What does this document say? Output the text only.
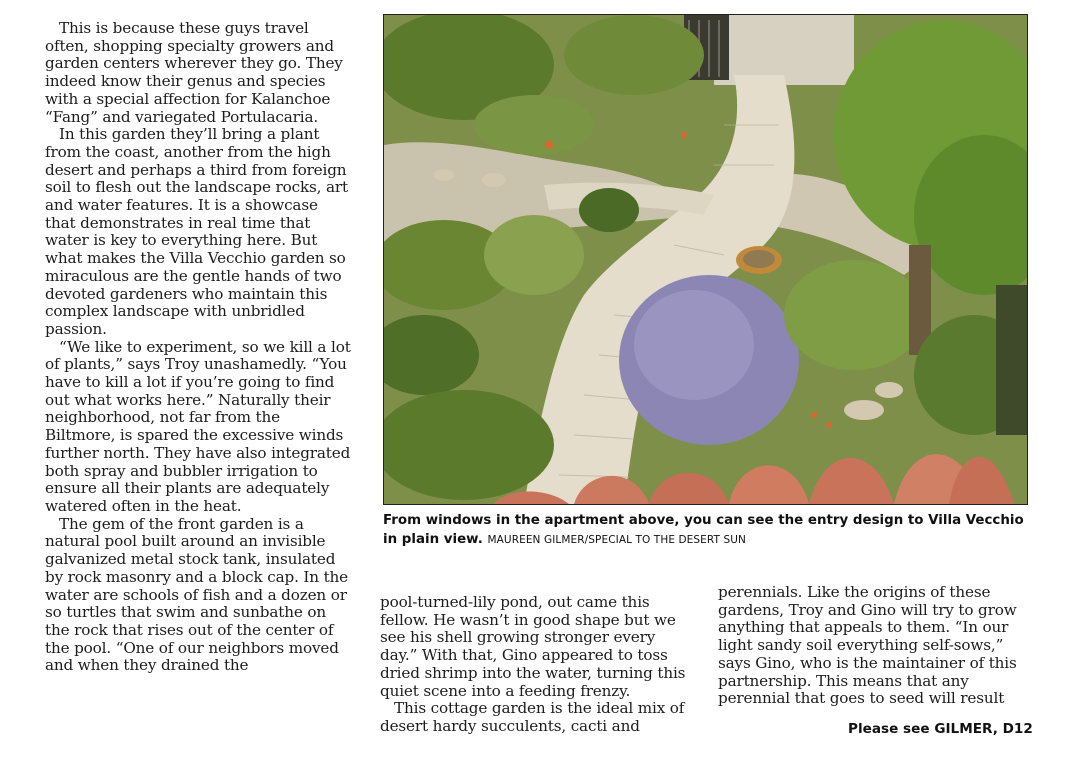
This is because these guys travel often, shopping specialty growers and garden centers wherever they go. They indeed know their genus and species with a special affection for Kalanchoe “Fang” and variegated Portulacaria.

In this garden they’ll bring a plant from the coast, another from the high desert and perhaps a third from foreign soil to flesh out the landscape rocks, art and water features. It is a showcase that demonstrates in real time that water is key to everything here. But what makes the Villa Vecchio garden so miraculous are the gentle hands of two devoted gardeners who maintain this complex landscape with unbridled passion.

“We like to experiment, so we kill a lot of plants,” says Troy unashamedly. “You have to kill a lot if you’re going to find out what works here.” Naturally their neighborhood, not far from the Biltmore, is spared the excessive winds further north. They have also integrated both spray and bubbler irrigation to ensure all their plants are adequately watered often in the heat.

The gem of the front garden is a natural pool built around an invisible galvanized metal stock tank, insulated by rock masonry and a block cap. In the water are schools of fish and a dozen or so turtles that swim and sunbathe on the rock that rises out of the center of the pool. “One of our neighbors moved and when they drained the

From windows in the apartment above, you can see the entry design to Villa Vecchio in plain view. MAUREEN GILMER/SPECIAL TO THE DESERT SUN

pool-turned-lily pond, out came this fellow. He wasn’t in good shape but we see his shell growing stronger every day.” With that, Gino appeared to toss dried shrimp into the water, turning this quiet scene into a feeding frenzy.

This cottage garden is the ideal mix of desert hardy succulents, cacti and

perennials. Like the origins of these gardens, Troy and Gino will try to grow anything that appeals to them. “In our light sandy soil everything self-sows,” says Gino, who is the maintainer of this partnership. This means that any perennial that goes to seed will result

Please see GILMER, D12
